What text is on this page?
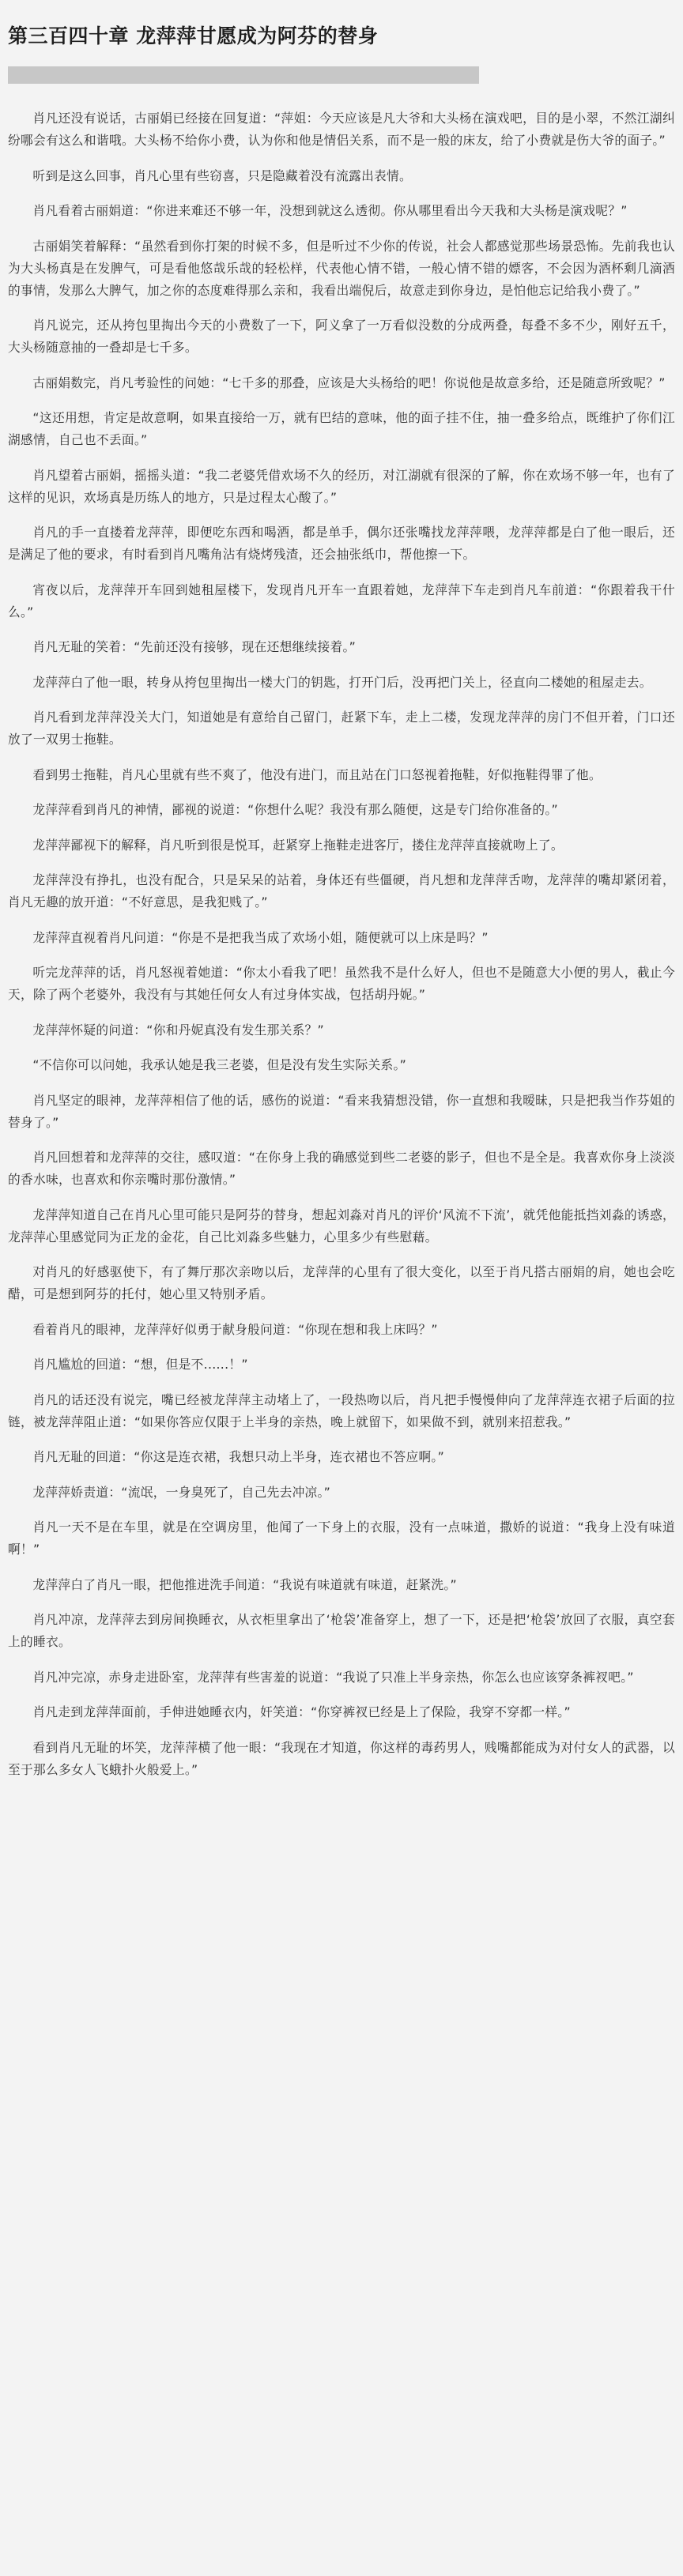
第三百四十章 龙萍萍甘愿成为阿芬的替身

肖凡还没有说话，古丽娟已经接在回复道：“萍姐：今天应该是凡大爷和大头杨在演戏吧，目的是小翠，不然江湖纠纷哪会有这么和谐哦。大头杨不给你小费，认为你和他是情侣关系，而不是一般的床友，给了小费就是伤大爷的面子。”

听到是这么回事，肖凡心里有些窃喜，只是隐藏着没有流露出表情。

肖凡看着古丽娟道：“你进来难还不够一年，没想到就这么透彻。你从哪里看出今天我和大头杨是演戏呢？”

古丽娟笑着解释：“虽然看到你打架的时候不多，但是听过不少你的传说，社会人都感觉那些场景恐怖。先前我也认为大头杨真是在发脾气，可是看他悠哉乐哉的轻松样，代表他心情不错，一般心情不错的嫖客，不会因为酒杯剩几滴酒的事情，发那么大脾气，加之你的态度难得那么亲和，我看出端倪后，故意走到你身边，是怕他忘记给我小费了。”

肖凡说完，还从挎包里掏出今天的小费数了一下，阿义拿了一万看似没数的分成两叠，每叠不多不少，刚好五千，大头杨随意抽的一叠却是七千多。

古丽娟数完，肖凡考验性的问她：“七千多的那叠，应该是大头杨给的吧！你说他是故意多给，还是随意所致呢？”

“这还用想，肯定是故意啊，如果直接给一万，就有巴结的意味，他的面子挂不住，抽一叠多给点，既维护了你们江湖感情，自己也不丢面。”

肖凡望着古丽娟，摇摇头道：“我二老婆凭借欢场不久的经历，对江湖就有很深的了解，你在欢场不够一年，也有了这样的见识，欢场真是历练人的地方，只是过程太心酸了。”

肖凡的手一直搂着龙萍萍，即便吃东西和喝酒，都是单手，偶尔还张嘴找龙萍萍喂，龙萍萍都是白了他一眼后，还是满足了他的要求，有时看到肖凡嘴角沾有烧烤残渣，还会抽张纸巾，帮他擦一下。

宵夜以后，龙萍萍开车回到她租屋楼下，发现肖凡开车一直跟着她，龙萍萍下车走到肖凡车前道：“你跟着我干什么。”

肖凡无耻的笑着：“先前还没有接够，现在还想继续接着。”

龙萍萍白了他一眼，转身从挎包里掏出一楼大门的钥匙，打开门后，没再把门关上，径直向二楼她的租屋走去。

肖凡看到龙萍萍没关大门，知道她是有意给自己留门，赶紧下车，走上二楼，发现龙萍萍的房门不但开着，门口还放了一双男士拖鞋。

看到男士拖鞋，肖凡心里就有些不爽了，他没有进门，而且站在门口怒视着拖鞋，好似拖鞋得罪了他。

龙萍萍看到肖凡的神情，鄙视的说道：“你想什么呢？我没有那么随便，这是专门给你准备的。”

龙萍萍鄙视下的解释，肖凡听到很是悦耳，赶紧穿上拖鞋走进客厅，搂住龙萍萍直接就吻上了。

龙萍萍没有挣扎，也没有配合，只是呆呆的站着，身体还有些僵硬，肖凡想和龙萍萍舌吻，龙萍萍的嘴却紧闭着，肖凡无趣的放开道：“不好意思，是我犯贱了。”

龙萍萍直视着肖凡问道：“你是不是把我当成了欢场小姐，随便就可以上床是吗？”

听完龙萍萍的话，肖凡怒视着她道：“你太小看我了吧！虽然我不是什么好人，但也不是随意大小便的男人，截止今天，除了两个老婆外，我没有与其她任何女人有过身体实战，包括胡丹妮。”

龙萍萍怀疑的问道：“你和丹妮真没有发生那关系？”

“不信你可以问她，我承认她是我三老婆，但是没有发生实际关系。”

肖凡坚定的眼神，龙萍萍相信了他的话，感伤的说道：“看来我猜想没错，你一直想和我暧昧，只是把我当作芬姐的替身了。”

肖凡回想着和龙萍萍的交往，感叹道：“在你身上我的确感觉到些二老婆的影子，但也不是全是。我喜欢你身上淡淡的香水味，也喜欢和你亲嘴时那份激情。”

龙萍萍知道自己在肖凡心里可能只是阿芬的替身，想起刘淼对肖凡的评价‘风流不下流’，就凭他能抵挡刘淼的诱惑，龙萍萍心里感觉同为正龙的金花，自己比刘淼多些魅力，心里多少有些慰藉。

对肖凡的好感驱使下，有了舞厅那次亲吻以后，龙萍萍的心里有了很大变化，以至于肖凡搭古丽娟的肩，她也会吃醋，可是想到阿芬的托付，她心里又特别矛盾。

看着肖凡的眼神，龙萍萍好似勇于献身般问道：“你现在想和我上床吗？”

肖凡尴尬的回道：“想，但是不......！”

肖凡的话还没有说完，嘴已经被龙萍萍主动堵上了，一段热吻以后，肖凡把手慢慢伸向了龙萍萍连衣裙子后面的拉链，被龙萍萍阻止道：“如果你答应仅限于上半身的亲热，晚上就留下，如果做不到，就别来招惹我。”

肖凡无耻的回道：“你这是连衣裙，我想只动上半身，连衣裙也不答应啊。”

龙萍萍娇责道：“流氓，一身臭死了，自己先去冲凉。”

肖凡一天不是在车里，就是在空调房里，他闻了一下身上的衣服，没有一点味道，撒娇的说道：“我身上没有味道啊！”

龙萍萍白了肖凡一眼，把他推进洗手间道：“我说有味道就有味道，赶紧洗。”

肖凡冲凉，龙萍萍去到房间换睡衣，从衣柜里拿出了‘枪袋’准备穿上，想了一下，还是把‘枪袋’放回了衣服，真空套上的睡衣。

肖凡冲完凉，赤身走进卧室，龙萍萍有些害羞的说道：“我说了只准上半身亲热，你怎么也应该穿条裤衩吧。”

肖凡走到龙萍萍面前，手伸进她睡衣内，奸笑道：“你穿裤衩已经是上了保险，我穿不穿都一样。”

看到肖凡无耻的坏笑，龙萍萍横了他一眼：“我现在才知道，你这样的毒药男人，贱嘴都能成为对付女人的武器，以至于那么多女人飞蛾扑火般爱上。”
